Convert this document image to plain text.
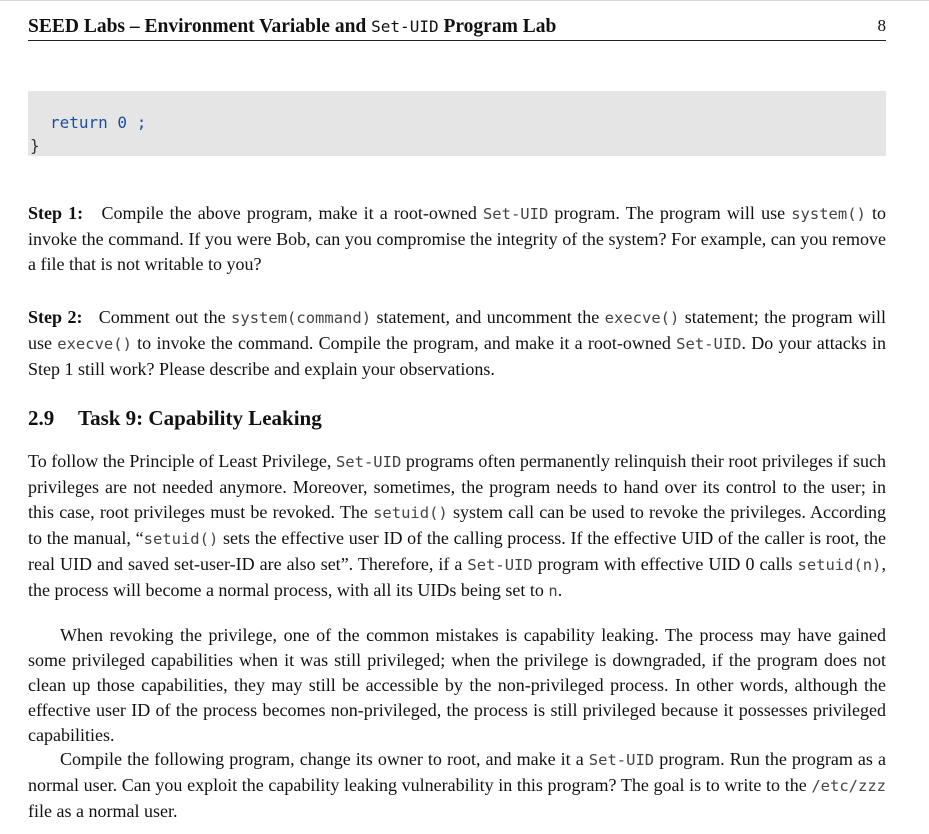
SEED Labs – Environment Variable and Set-UID Program Lab	8
return 0 ;
}

Step 1: Compile the above program, make it a root-owned Set-UID program. The program will use system() to invoke the command. If you were Bob, can you compromise the integrity of the system? For example, can you remove a file that is not writable to you?

Step 2: Comment out the system(command) statement, and uncomment the execve() statement; the program will use execve() to invoke the command. Compile the program, and make it a root-owned Set-UID. Do your attacks in Step 1 still work? Please describe and explain your observations.

2.9 Task 9: Capability Leaking

To follow the Principle of Least Privilege, Set-UID programs often permanently relinquish their root privileges if such privileges are not needed anymore. Moreover, sometimes, the program needs to hand over its control to the user; in this case, root privileges must be revoked. The setuid() system call can be used to revoke the privileges. According to the manual, “setuid() sets the effective user ID of the calling process. If the effective UID of the caller is root, the real UID and saved set-user-ID are also set”. Therefore, if a Set-UID program with effective UID 0 calls setuid(n), the process will become a normal process, with all its UIDs being set to n.

When revoking the privilege, one of the common mistakes is capability leaking. The process may have gained some privileged capabilities when it was still privileged; when the privilege is downgraded, if the program does not clean up those capabilities, they may still be accessible by the non-privileged process. In other words, although the effective user ID of the process becomes non-privileged, the process is still privileged because it possesses privileged capabilities.

Compile the following program, change its owner to root, and make it a Set-UID program. Run the program as a normal user. Can you exploit the capability leaking vulnerability in this program? The goal is to write to the /etc/zzz file as a normal user.
